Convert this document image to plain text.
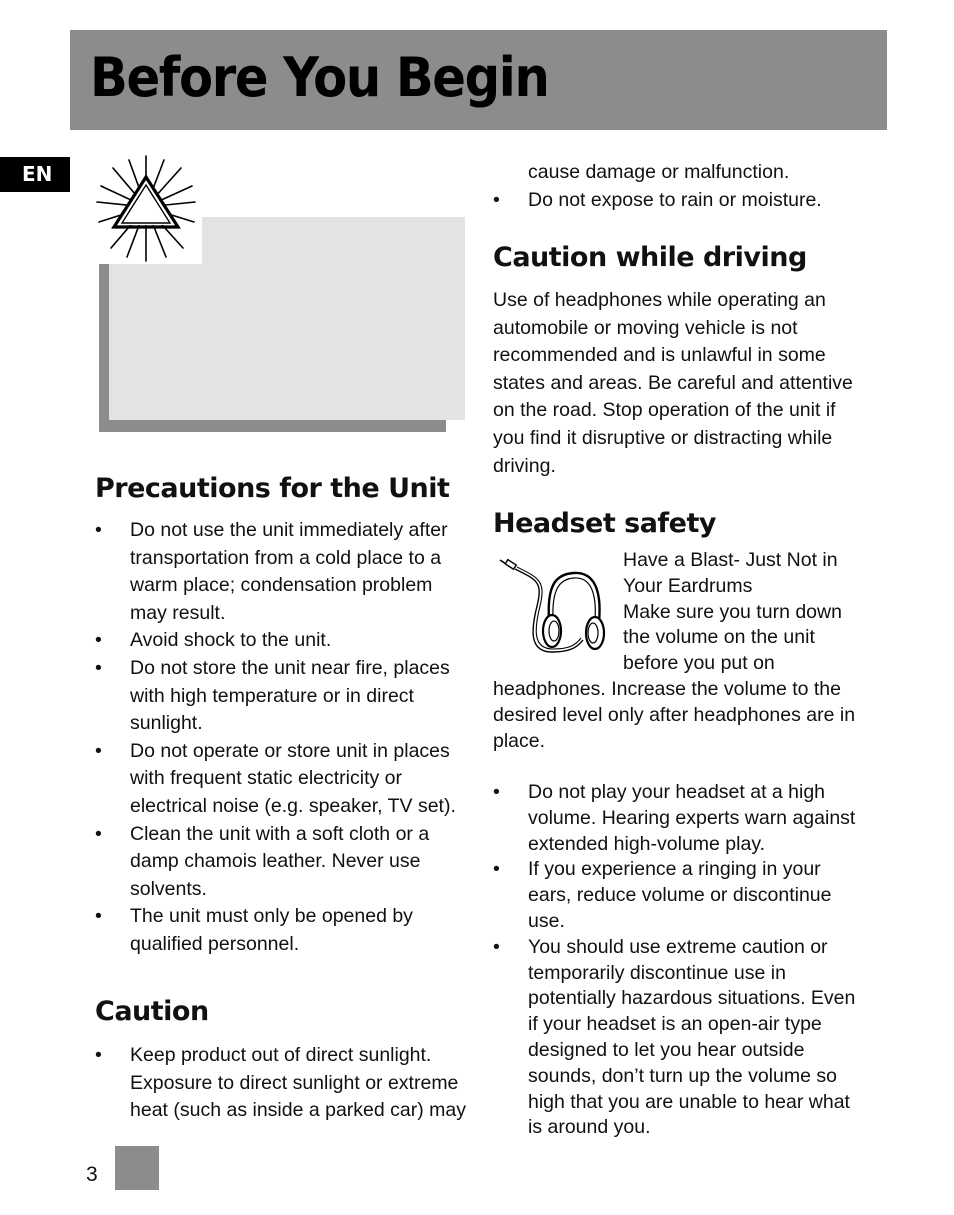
Before You Begin
EN
Precautions for the Unit
• Do not use the unit immediately after transportation from a cold place to a warm place; condensation problem may result.
• Avoid shock to the unit.
• Do not store the unit near fire, places with high temperature or in direct sunlight.
• Do not operate or store unit in places with frequent static electricity or electrical noise (e.g. speaker, TV set).
• Clean the unit with a soft cloth or a damp chamois leather. Never use solvents.
• The unit must only be opened by qualified personnel.
Caution
• Keep product out of direct sunlight. Exposure to direct sunlight or extreme heat (such as inside a parked car) may
cause damage or malfunction.
• Do not expose to rain or moisture.
Caution while driving
Use of headphones while operating an automobile or moving vehicle is not recommended and is unlawful in some states and areas. Be careful and attentive on the road. Stop operation of the unit if you find it disruptive or distracting while driving.
Headset safety
Have a Blast- Just Not in
Your Eardrums
Make sure you turn down
the volume on the unit
before you put on
headphones. Increase the volume to the desired level only after headphones are in place.
• Do not play your headset at a high volume. Hearing experts warn against extended high-volume play.
• If you experience a ringing in your ears, reduce volume or discontinue use.
• You should use extreme caution or temporarily discontinue use in potentially hazardous situations. Even if your headset is an open-air type designed to let you hear outside sounds, don’t turn up the volume so high that you are unable to hear what is around you.
3
